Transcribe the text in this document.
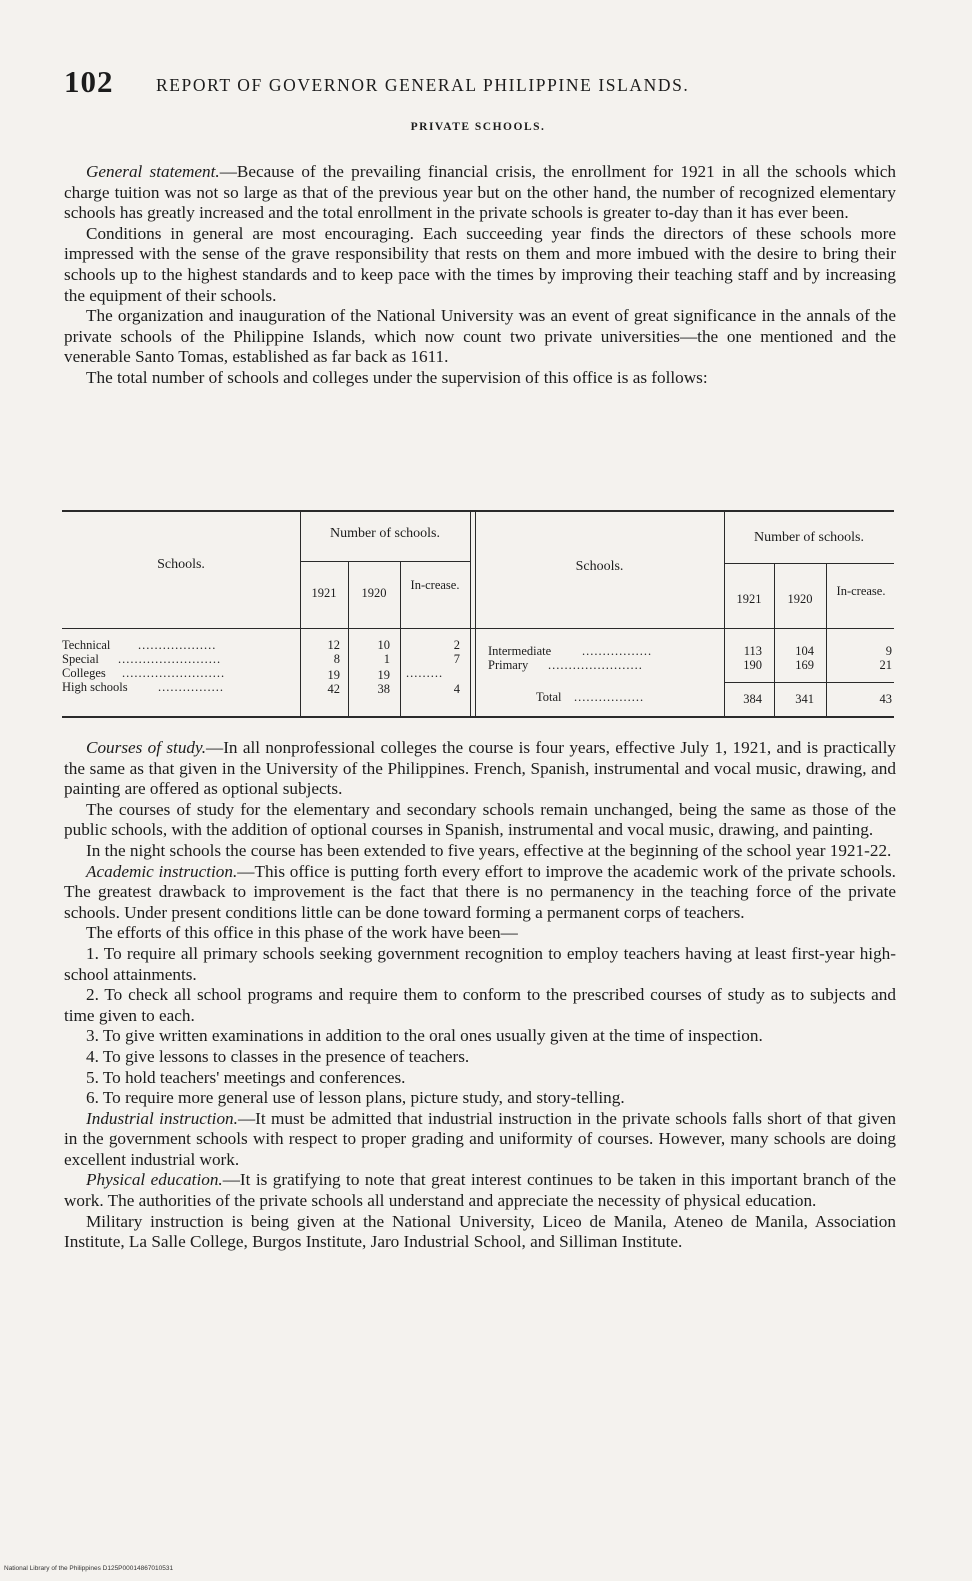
102 REPORT OF GOVERNOR GENERAL PHILIPPINE ISLANDS.
PRIVATE SCHOOLS.

General statement.—Because of the prevailing financial crisis, the enrollment for 1921 in all the schools which charge tuition was not so large as that of the previous year but on the other hand, the number of recognized elementary schools has greatly increased and the total enrollment in the private schools is greater to-day than it has ever been.

Conditions in general are most encouraging. Each succeeding year finds the directors of these schools more impressed with the sense of the grave responsibility that rests on them and more imbued with the desire to bring their schools up to the highest standards and to keep pace with the times by improving their teaching staff and by increasing the equipment of their schools.

The organization and inauguration of the National University was an event of great significance in the annals of the private schools of the Philippine Islands, which now count two private universities—the one mentioned and the venerable Santo Tomas, established as far back as 1611.

The total number of schools and colleges under the supervision of this office is as follows:

Schools.
Number of schools.
1921	1920
In-crease.
Schools.
Number of schools.
1921	1920
In-crease.
Technical ...................	12	10	2
Special .........................	8	1	7
Colleges .........................	19	19 .........
High schools ................	42	38	4
Intermediate .................	113	104	9
Primary .......................	190	169	21
Total .................	384	341	43

Courses of study.—In all nonprofessional colleges the course is four years, effective July 1, 1921, and is practically the same as that given in the University of the Philippines. French, Spanish, instrumental and vocal music, drawing, and painting are offered as optional subjects.

The courses of study for the elementary and secondary schools remain unchanged, being the same as those of the public schools, with the addition of optional courses in Spanish, instrumental and vocal music, drawing, and painting.

In the night schools the course has been extended to five years, effective at the beginning of the school year 1921-22.

Academic instruction.—This office is putting forth every effort to improve the academic work of the private schools. The greatest drawback to improvement is the fact that there is no permanency in the teaching force of the private schools. Under present conditions little can be done toward forming a permanent corps of teachers.

The efforts of this office in this phase of the work have been—

1. To require all primary schools seeking government recognition to employ teachers having at least first-year high-school attainments.

2. To check all school programs and require them to conform to the prescribed courses of study as to subjects and time given to each.

3. To give written examinations in addition to the oral ones usually given at the time of inspection.

4. To give lessons to classes in the presence of teachers.

5. To hold teachers' meetings and conferences.

6. To require more general use of lesson plans, picture study, and story-telling.

Industrial instruction.—It must be admitted that industrial instruction in the private schools falls short of that given in the government schools with respect to proper grading and uniformity of courses. However, many schools are doing excellent industrial work.

Physical education.—It is gratifying to note that great interest continues to be taken in this important branch of the work. The authorities of the private schools all understand and appreciate the necessity of physical education.

Military instruction is being given at the National University, Liceo de Manila, Ateneo de Manila, Association Institute, La Salle College, Burgos Institute, Jaro Industrial School, and Silliman Institute.

National Library of the Philippines D125P00014867010531
